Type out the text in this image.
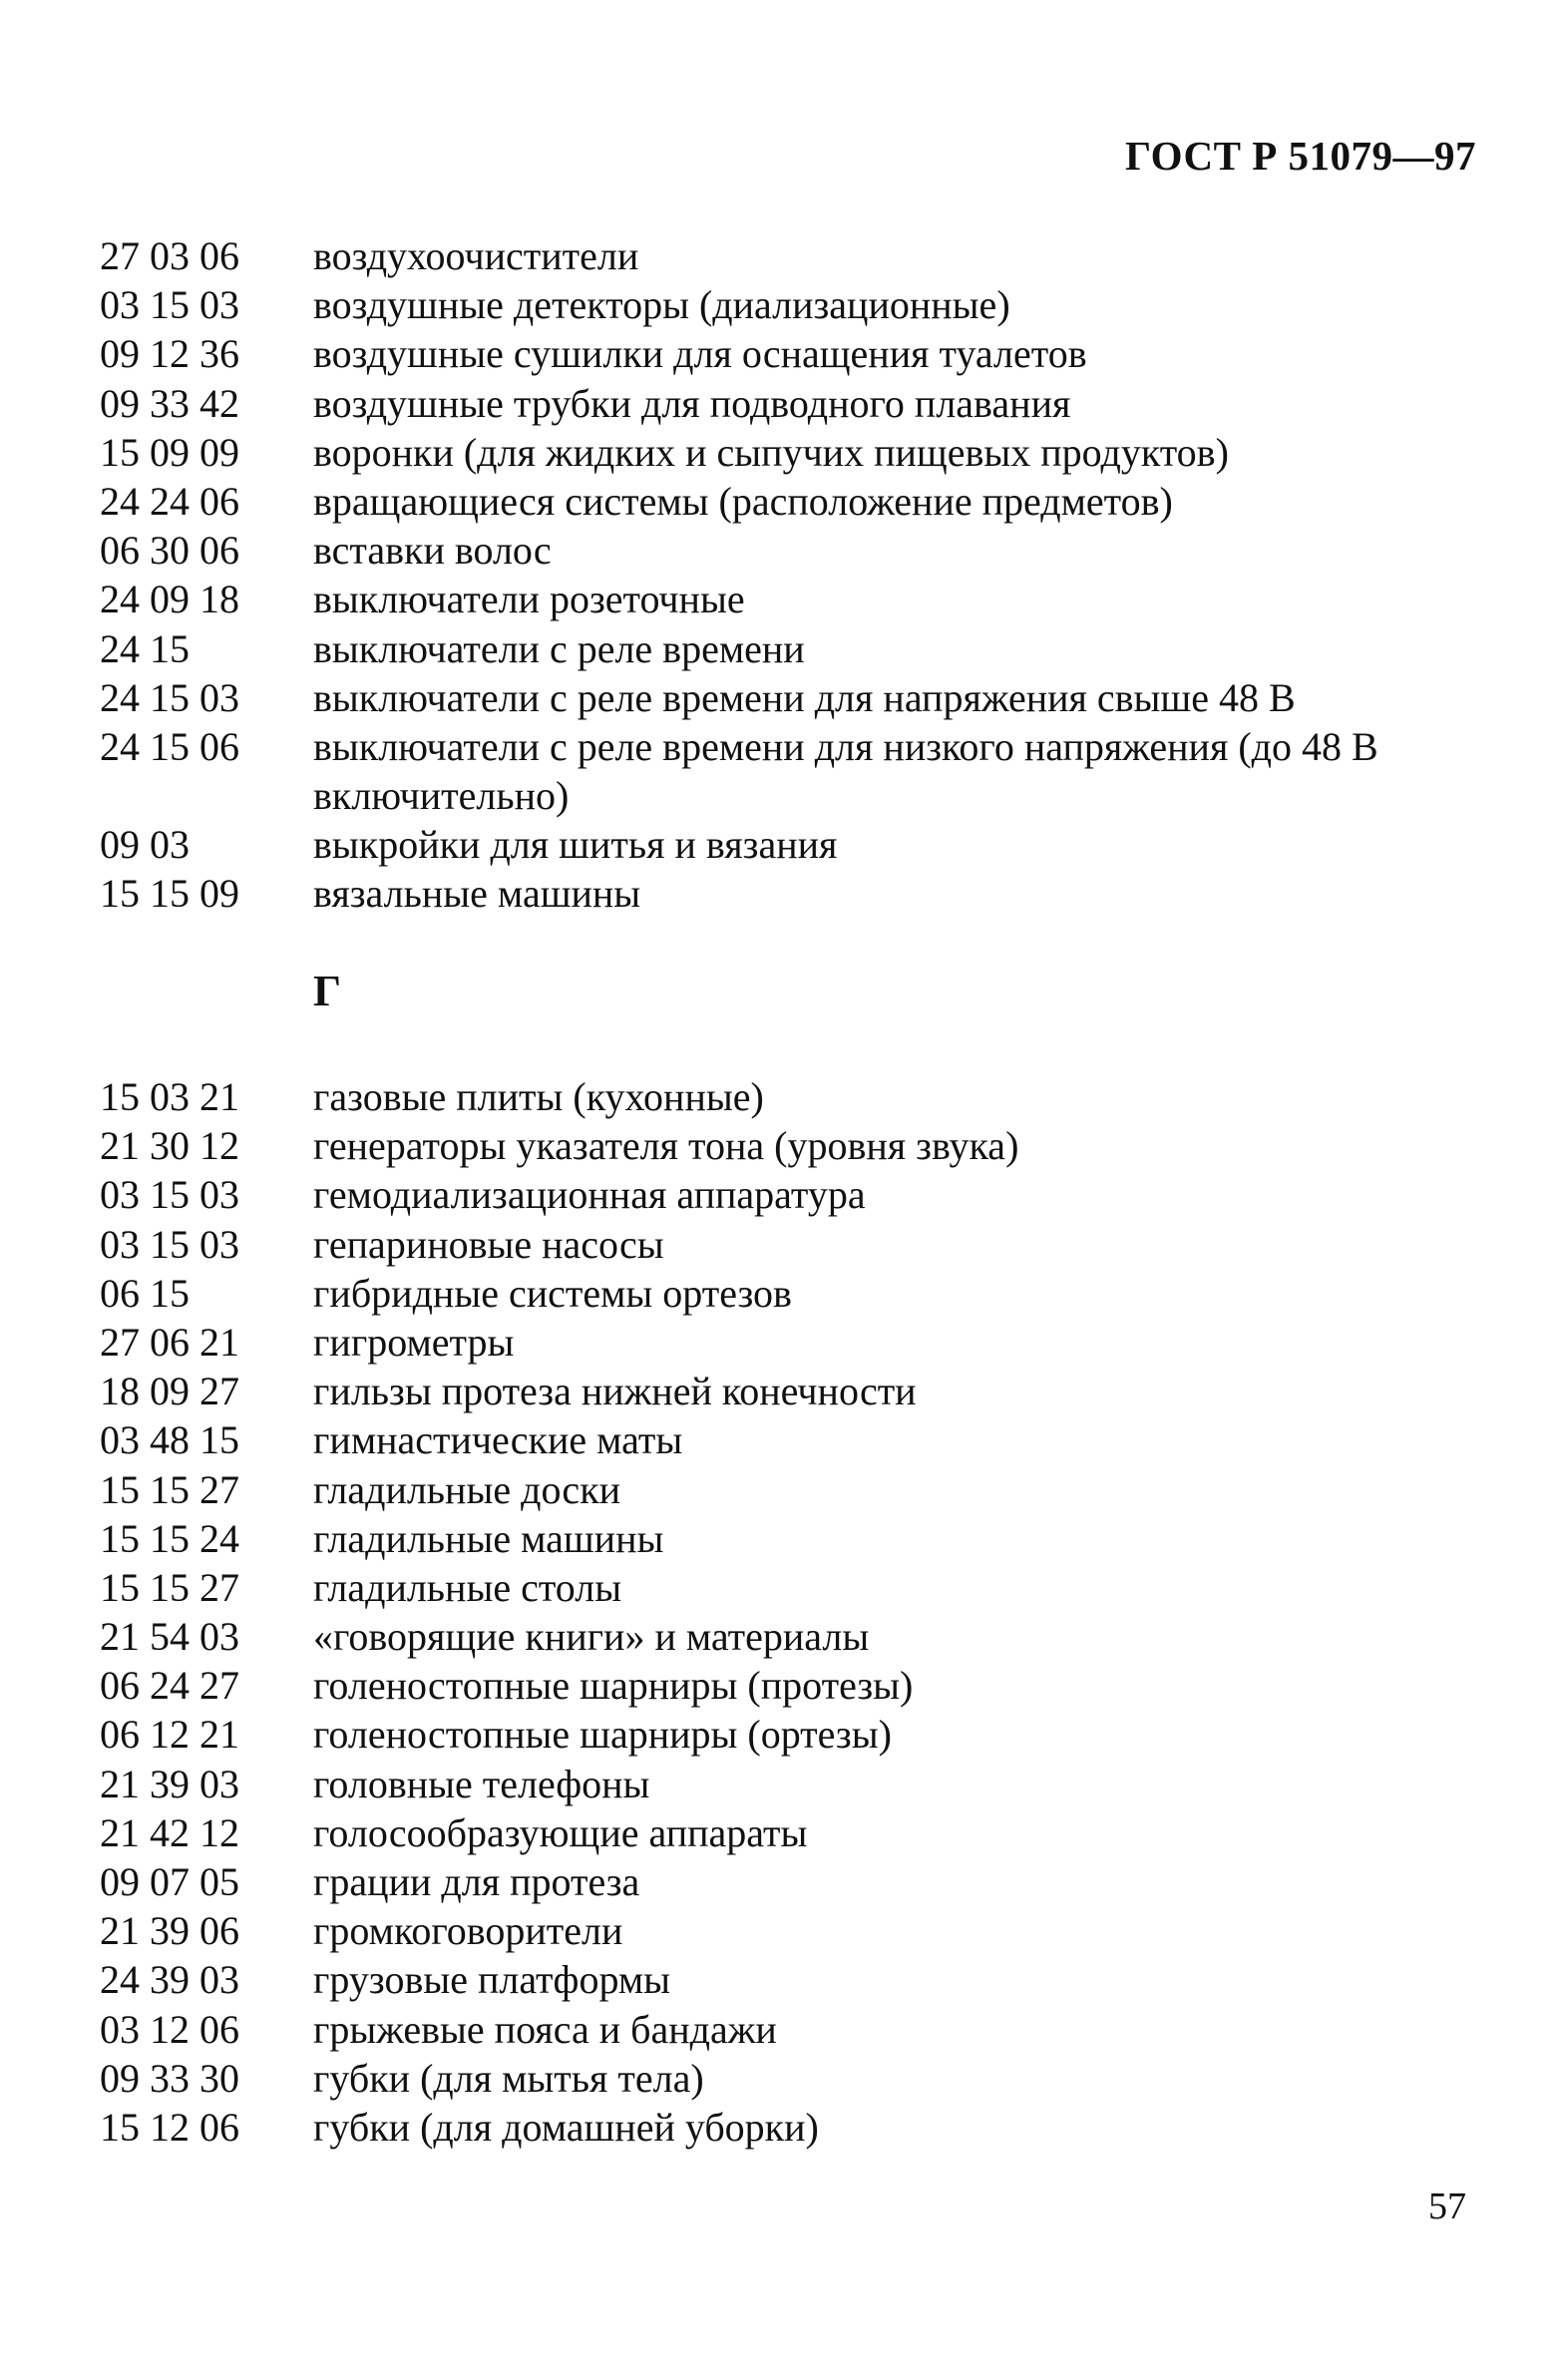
ГОСТ Р 51079—97
27 03 06	воздухоочистители
03 15 03	воздушные детекторы (диализационные)
09 12 36	воздушные сушилки для оснащения туалетов
09 33 42	воздушные трубки для подводного плавания
15 09 09	воронки (для жидких и сыпучих пищевых продуктов)
24 24 06	вращающиеся системы (расположение предметов)
06 30 06	вставки волос
24 09 18	выключатели розеточные
24 15	выключатели с реле времени
24 15 03	выключатели с реле времени для напряжения свыше 48 В
24 15 06	выключатели с реле времени для низкого напряжения (до 48 В включительно)
09 03	выкройки для шитья и вязания
15 15 09	вязальные машины
Г
15 03 21	газовые плиты (кухонные)
21 30 12	генераторы указателя тона (уровня звука)
03 15 03	гемодиализационная аппаратура
03 15 03	гепариновые насосы
06 15	гибридные системы ортезов
27 06 21	гигрометры
18 09 27	гильзы протеза нижней конечности
03 48 15	гимнастические маты
15 15 27	гладильные доски
15 15 24	гладильные машины
15 15 27	гладильные столы
21 54 03	«говорящие книги» и материалы
06 24 27	голеностопные шарниры (протезы)
06 12 21	голеностопные шарниры (ортезы)
21 39 03	головные телефоны
21 42 12	голосообразующие аппараты
09 07 05	грации для протеза
21 39 06	громкоговорители
24 39 03	грузовые платформы
03 12 06	грыжевые пояса и бандажи
09 33 30	губки (для мытья тела)
15 12 06	губки (для домашней уборки)
57
